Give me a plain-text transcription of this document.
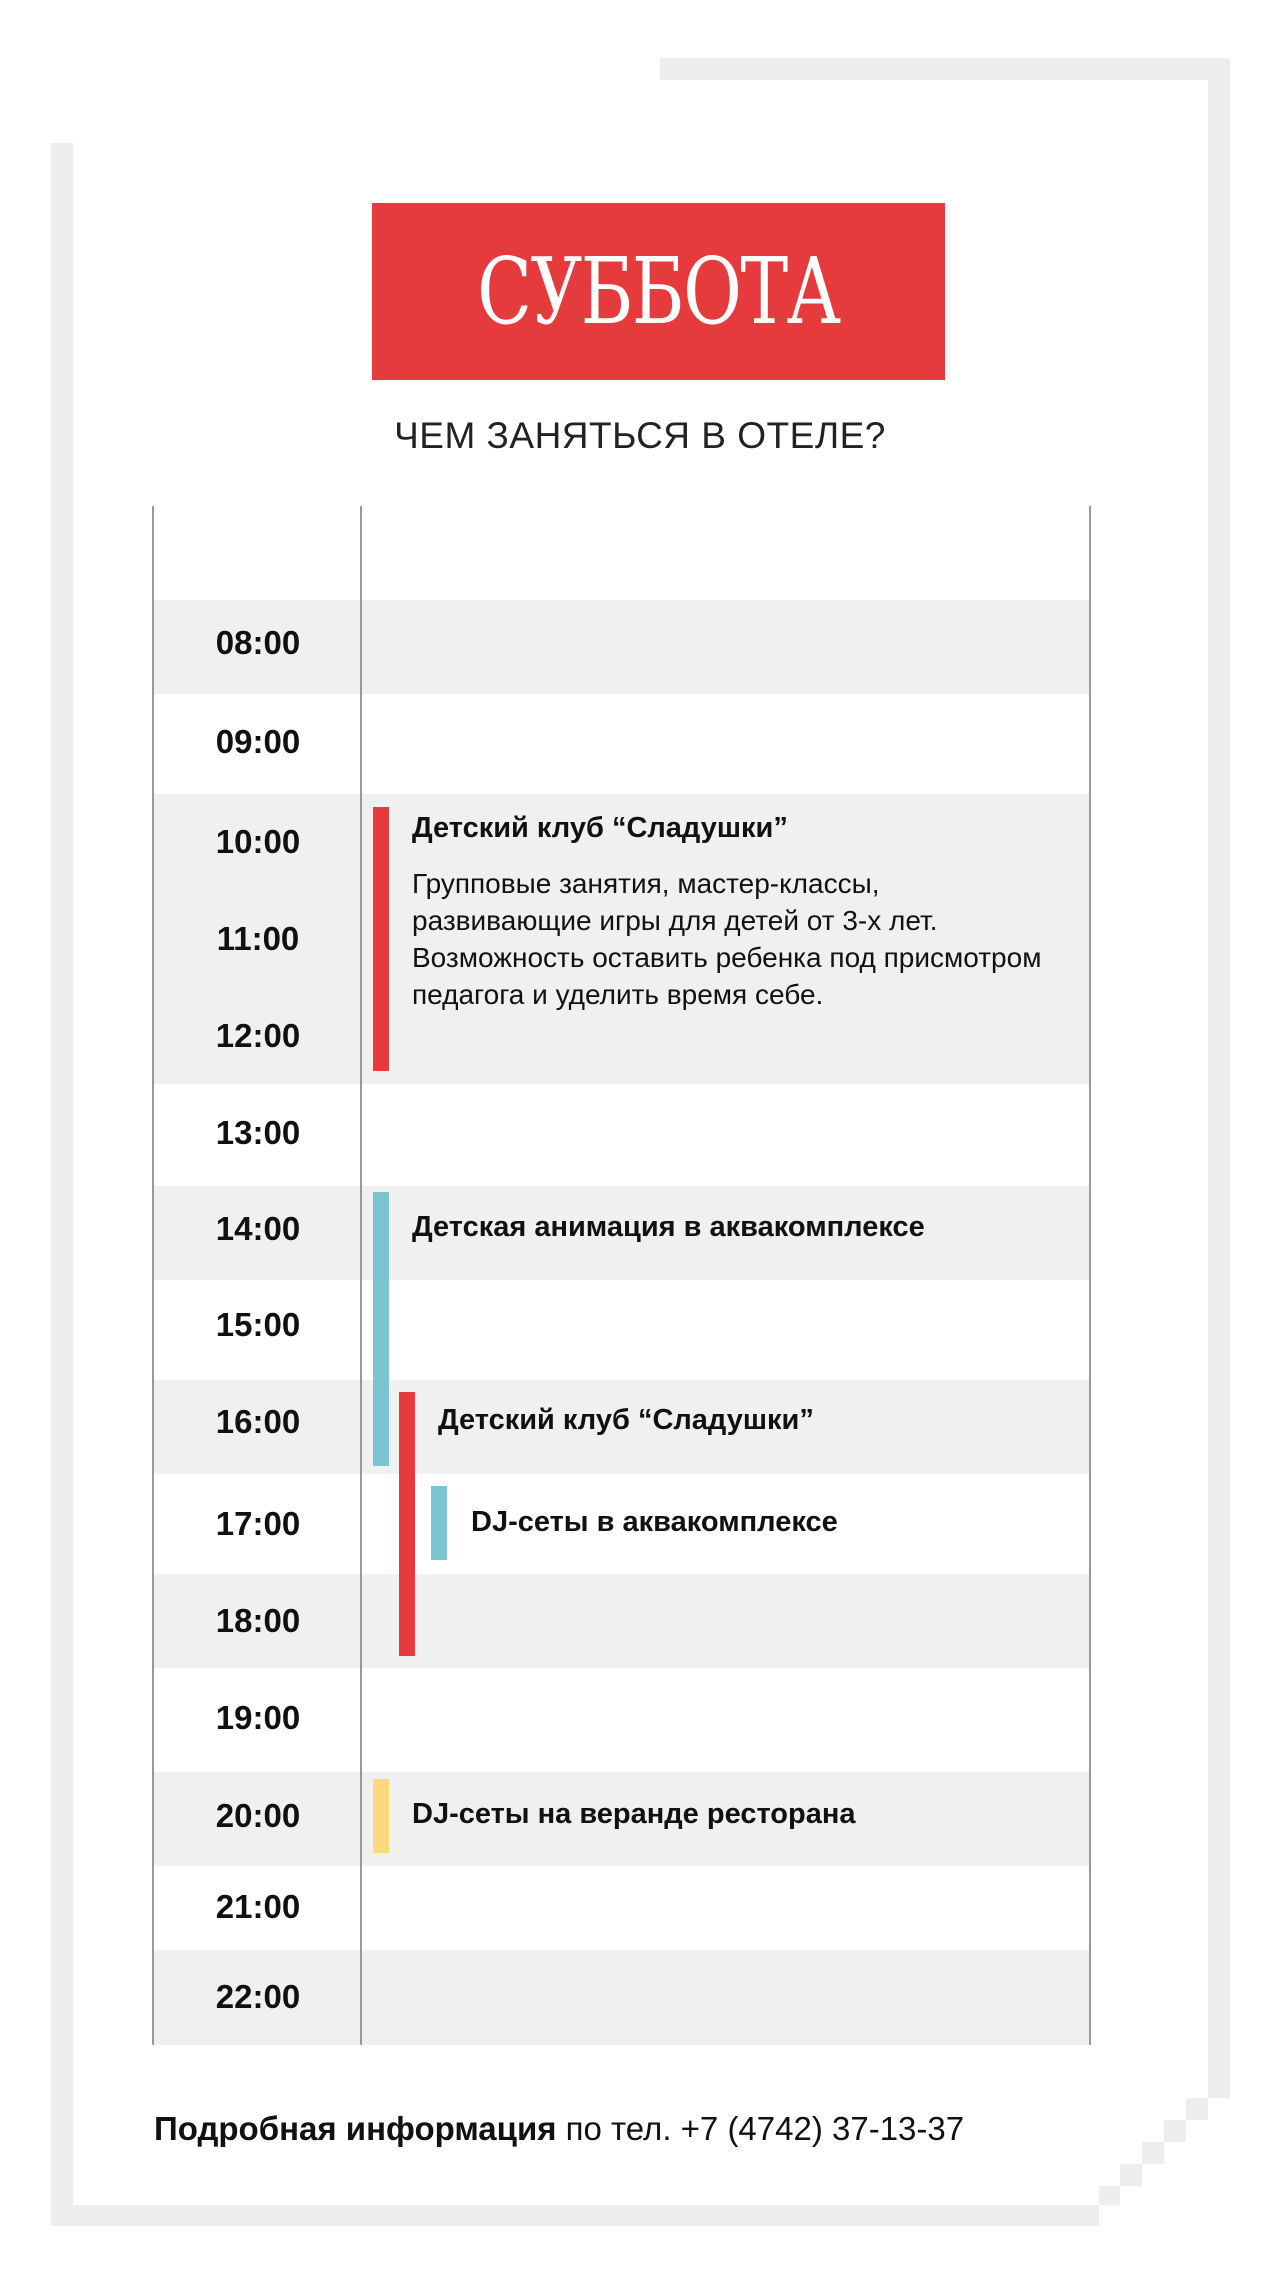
СУББОТА
ЧЕМ ЗАНЯТЬСЯ В ОТЕЛЕ?
08:00
09:00
10:00
11:00
12:00
13:00
14:00
15:00
16:00
17:00
18:00
19:00
20:00
21:00
22:00
Детский клуб “Сладушки”
Групповые занятия, мастер-классы, развивающие игры для детей от 3-х лет. Возможность оставить ребенка под присмотром педагога и уделить время себе.
Детская анимация в аквакомплексе
Детский клуб “Сладушки”
DJ-сеты в аквакомплексе
DJ-сеты на веранде ресторана
Подробная информация по тел. +7 (4742) 37-13-37
